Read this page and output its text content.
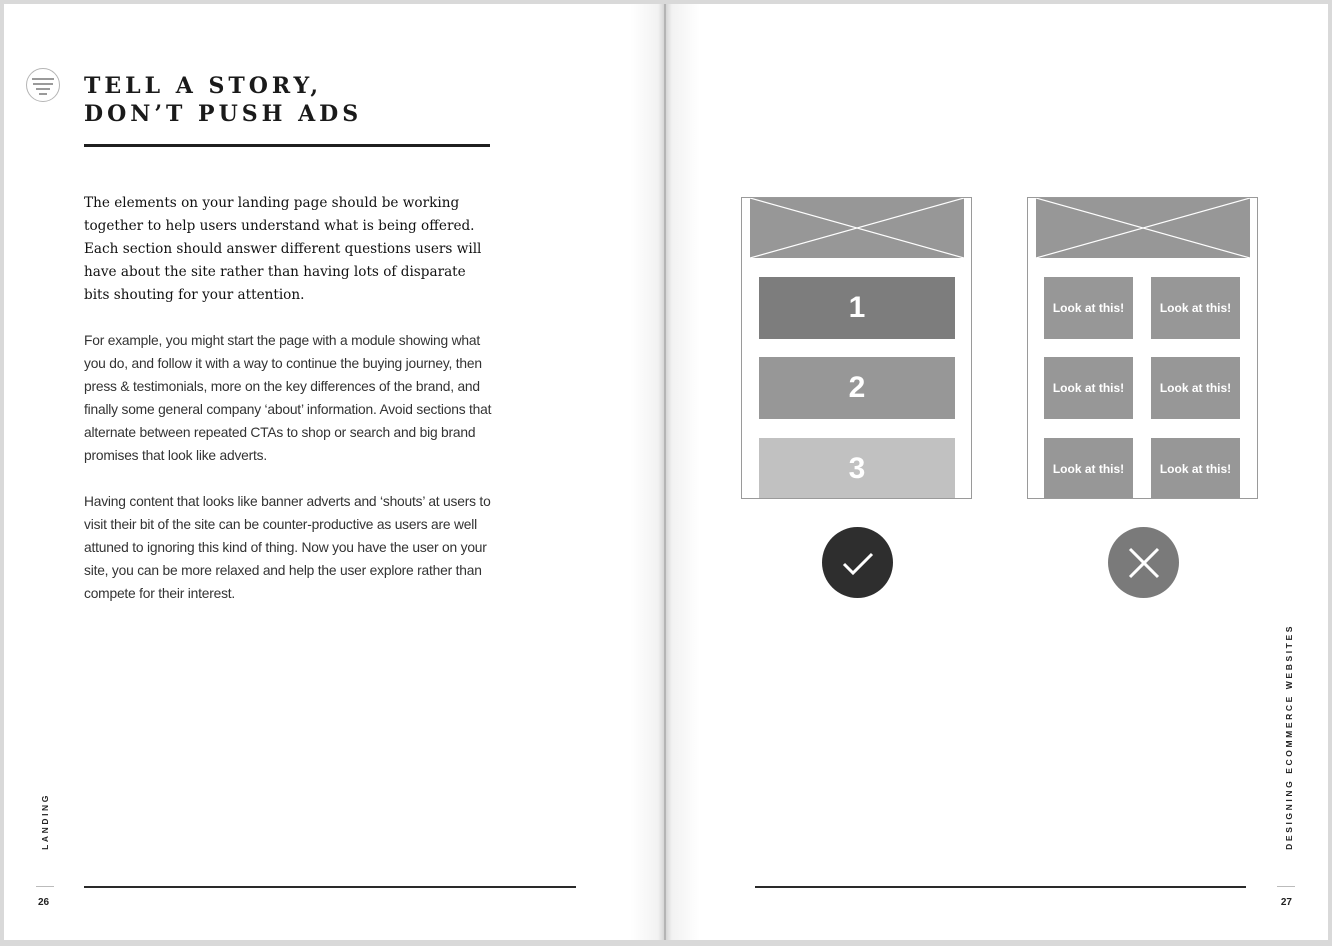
TELL A STORY,
DON’T PUSH ADS

The elements on your landing page should be working together to help users understand what is being offered. Each section should answer different questions users will have about the site rather than having lots of disparate bits shouting for your attention.

For example, you might start the page with a module showing what you do, and follow it with a way to continue the buying journey, then press & testimonials, more on the key differences of the brand, and finally some general company ‘about’ information. Avoid sections that alternate between repeated CTAs to shop or search and big brand promises that look like adverts.

Having content that looks like banner adverts and ‘shouts’ at users to visit their bit of the site can be counter-productive as users are well attuned to ignoring this kind of thing. Now you have the user on your site, you can be more relaxed and help the user explore rather than compete for their interest.

LANDING
26
1
2
3
Look at this!	Look at this!
Look at this!	Look at this!
Look at this!	Look at this!
DESIGNING ECOMMERCE WEBSITES
27
